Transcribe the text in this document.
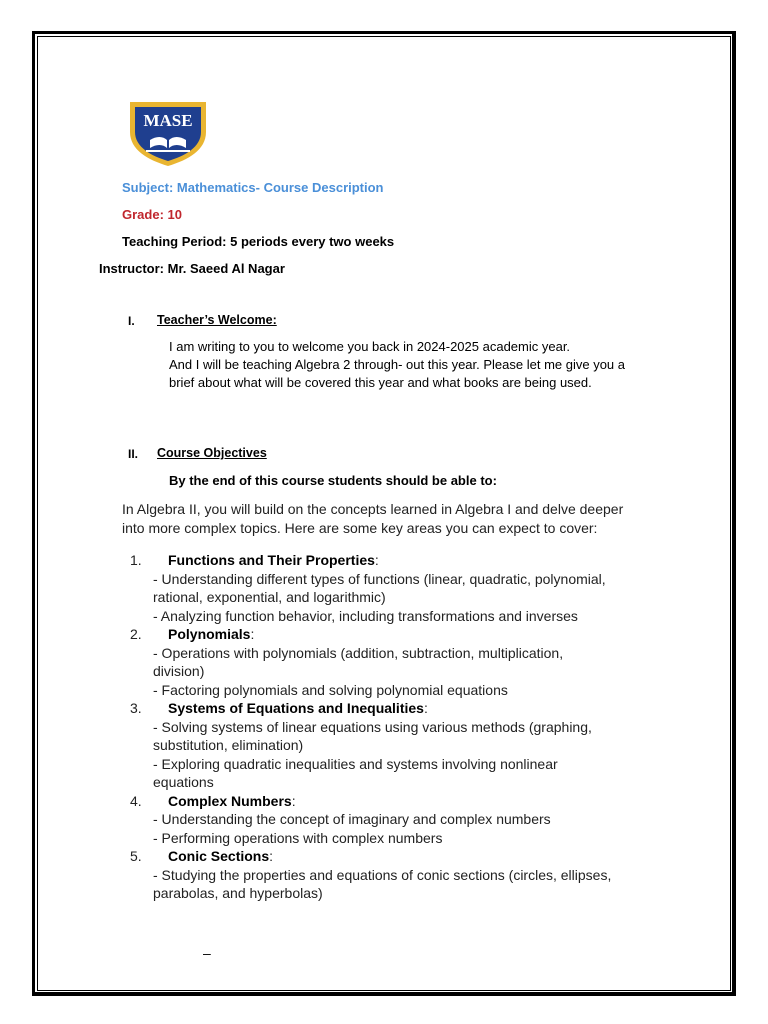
MASE
Subject: Mathematics- Course Description
Grade: 10
Teaching Period: 5 periods every two weeks
Instructor: Mr. Saeed Al Nagar
I. Teacher’s Welcome:
I am writing to you to welcome you back in 2024-2025 academic year.
And I will be teaching Algebra 2 through- out this year. Please let me give you a
brief about what will be covered this year and what books are being used.
II. Course Objectives
By the end of this course students should be able to:
In Algebra II, you will build on the concepts learned in Algebra I and delve deeper
into more complex topics. Here are some key areas you can expect to cover:
1. Functions and Their Properties:
- Understanding different types of functions (linear, quadratic, polynomial,
rational, exponential, and logarithmic)
- Analyzing function behavior, including transformations and inverses
2. Polynomials:
- Operations with polynomials (addition, subtraction, multiplication,
division)
- Factoring polynomials and solving polynomial equations
3. Systems of Equations and Inequalities:
- Solving systems of linear equations using various methods (graphing,
substitution, elimination)
- Exploring quadratic inequalities and systems involving nonlinear
equations
4. Complex Numbers:
- Understanding the concept of imaginary and complex numbers
- Performing operations with complex numbers
5. Conic Sections:
- Studying the properties and equations of conic sections (circles, ellipses,
parabolas, and hyperbolas)
–
